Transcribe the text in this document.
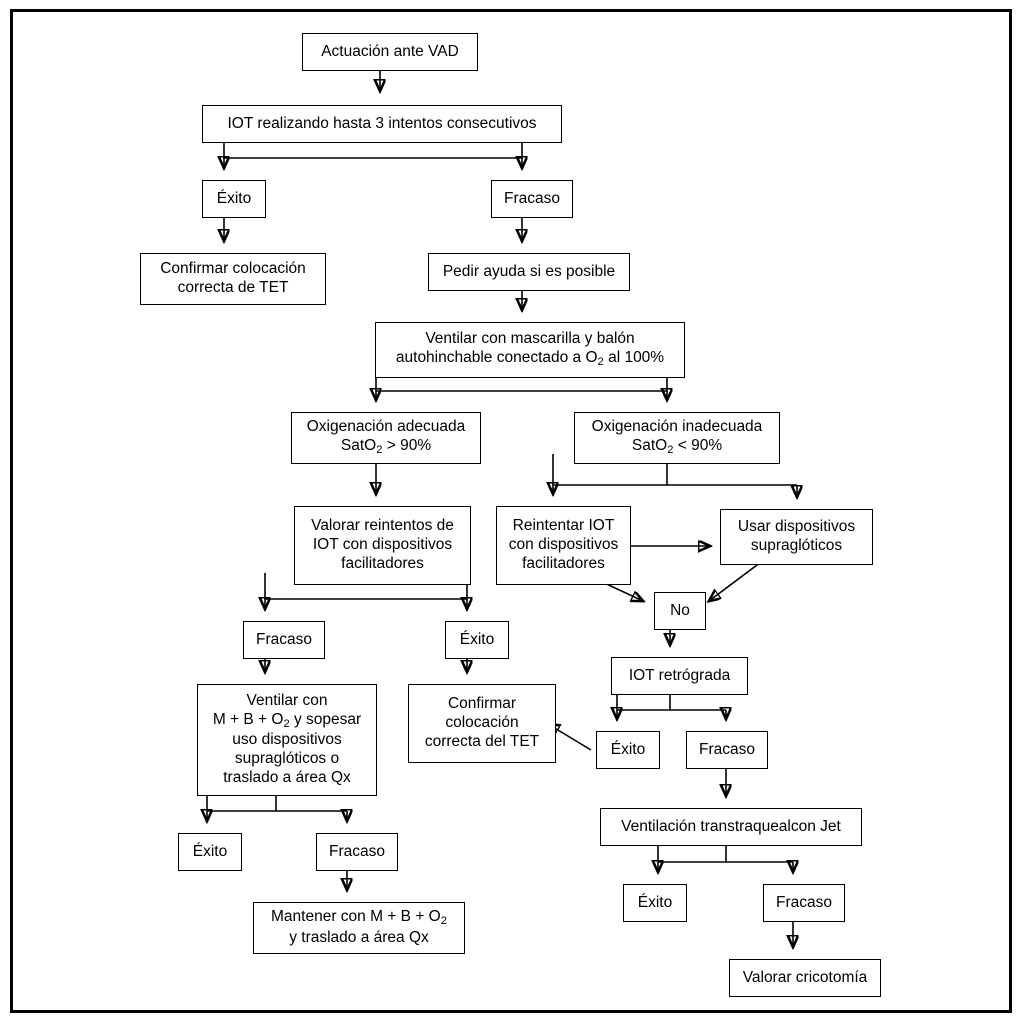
Actuación ante VAD
IOT realizando hasta 3 intentos consecutivos
Éxito	Fracaso
Confirmar colocación
correcta de TET
Pedir ayuda si es posible
Ventilar con mascarilla y balón
autohinchable conectado a $O_2$ al 100%
Oxigenación adecuada
SatO$_2$ > 90%
Oxigenación inadecuada
SatO$_2$ < 90%
Valorar reintentos de
IOT con dispositivos
facilitadores
Reintentar IOT
con dispositivos
facilitadores
Usar dispositivos
supraglóticos
No
Fracaso	Éxito
IOT retrógrada
Ventilar con
$M + B + O_2$ y sopesar
uso dispositivos
supraglóticos o
traslado a área Qx
Confirmar
colocación
correcta del TET	Éxito	Fracaso
Ventilación transtraquealcon Jet
Éxito	Fracaso
Éxito	Fracaso
Mantener con $M + B + O_2$
y traslado a área Qx
Valorar cricotomía
